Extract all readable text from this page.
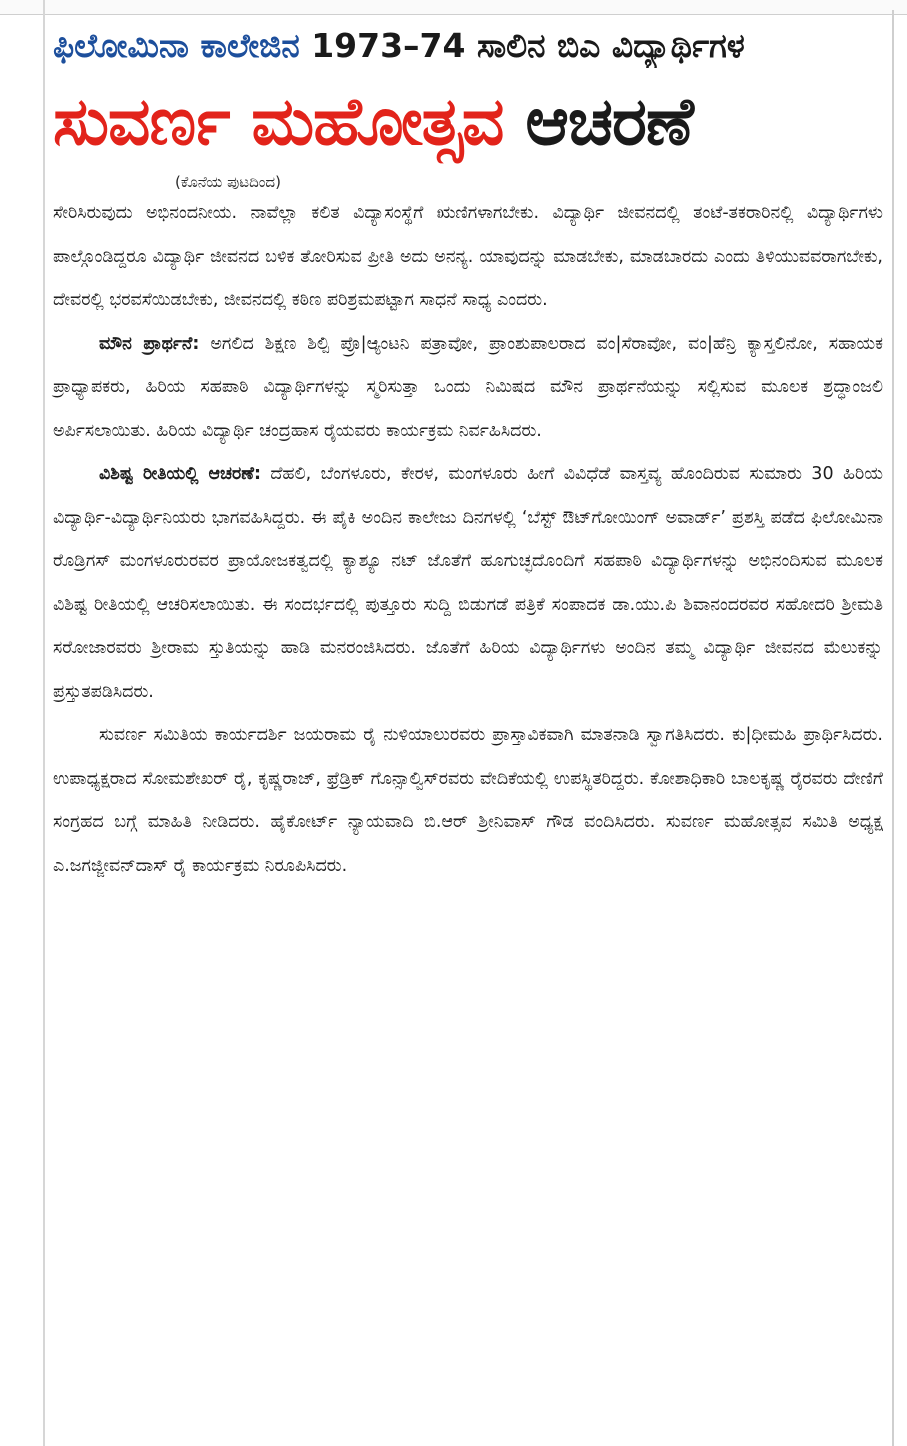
ಫಿಲೋಮಿನಾ ಕಾಲೇಜಿನ 1973–74 ಸಾಲಿನ ಬಿಎ ವಿದ್ಯಾರ್ಥಿಗಳ
ಸುವರ್ಣ ಮಹೋತ್ಸವ ಆಚರಣೆ
(ಕೊನೆಯ ಪುಟದಿಂದ)

ಸೇರಿಸಿರುವುದು ಅಭಿನಂದನೀಯ. ನಾವೆಲ್ಲಾ ಕಲಿತ ವಿದ್ಯಾಸಂಸ್ಥೆಗೆ ಋಣಿಗಳಾಗಬೇಕು. ವಿದ್ಯಾರ್ಥಿ ಜೀವನದಲ್ಲಿ ತಂಟೆ-ತಕರಾರಿನಲ್ಲಿ ವಿದ್ಯಾರ್ಥಿಗಳು ಪಾಲ್ಗೊಂಡಿದ್ದರೂ ವಿದ್ಯಾರ್ಥಿ ಜೀವನದ ಬಳಿಕ ತೋರಿಸುವ ಪ್ರೀತಿ ಅದು ಅನನ್ಯ. ಯಾವುದನ್ನು ಮಾಡಬೇಕು, ಮಾಡಬಾರದು ಎಂದು ತಿಳಿಯುವವರಾಗಬೇಕು, ದೇವರಲ್ಲಿ ಭರವಸೆಯಿಡಬೇಕು, ಜೀವನದಲ್ಲಿ ಕಠಿಣ ಪರಿಶ್ರಮಪಟ್ಟಾಗ ಸಾಧನೆ ಸಾಧ್ಯ ಎಂದರು.

ಮೌನ ಪ್ರಾರ್ಥನೆ: ಅಗಲಿದ ಶಿಕ್ಷಣ ಶಿಲ್ಪಿ ಪ್ರೊ|ಆ್ಯಂಟನಿ ಪತ್ರಾವೋ, ಪ್ರಾಂಶುಪಾಲರಾದ ವಂ|ಸೆರಾವೋ, ವಂ|ಹೆನ್ರಿ ಕ್ಯಾಸ್ತಲಿನೋ, ಸಹಾಯಕ ಪ್ರಾಧ್ಯಾಪಕರು, ಹಿರಿಯ ಸಹಪಾಠಿ ವಿದ್ಯಾರ್ಥಿಗಳನ್ನು ಸ್ಮರಿಸುತ್ತಾ ಒಂದು ನಿಮಿಷದ ಮೌನ ಪ್ರಾರ್ಥನೆಯನ್ನು ಸಲ್ಲಿಸುವ ಮೂಲಕ ಶ್ರದ್ಧಾಂಜಲಿ ಅರ್ಪಿಸಲಾಯಿತು. ಹಿರಿಯ ವಿದ್ಯಾರ್ಥಿ ಚಂದ್ರಹಾಸ ರೈಯವರು ಕಾರ್ಯಕ್ರಮ ನಿರ್ವಹಿಸಿದರು.

ವಿಶಿಷ್ಟ ರೀತಿಯಲ್ಲಿ ಆಚರಣೆ: ದೆಹಲಿ, ಬೆಂಗಳೂರು, ಕೇರಳ, ಮಂಗಳೂರು ಹೀಗೆ ವಿವಿಧೆಡೆ ವಾಸ್ತವ್ಯ ಹೊಂದಿರುವ ಸುಮಾರು 30 ಹಿರಿಯ ವಿದ್ಯಾರ್ಥಿ-ವಿದ್ಯಾರ್ಥಿನಿಯರು ಭಾಗವಹಿಸಿದ್ದರು. ಈ ಪೈಕಿ ಅಂದಿನ ಕಾಲೇಜು ದಿನಗಳಲ್ಲಿ ‘ಬೆಸ್ಟ್ ಔಟ್‌ಗೋಯಿಂಗ್ ಅವಾರ್ಡ್’ ಪ್ರಶಸ್ತಿ ಪಡೆದ ಫಿಲೋಮಿನಾ ರೊಡ್ರಿಗಸ್ ಮಂಗಳೂರುರವರ ಪ್ರಾಯೋಜಕತ್ವದಲ್ಲಿ ಕ್ಯಾಶ್ಯೂ ನಟ್ ಜೊತೆಗೆ ಹೂಗುಚ್ಛದೊಂದಿಗೆ ಸಹಪಾಠಿ ವಿದ್ಯಾರ್ಥಿಗಳನ್ನು ಅಭಿನಂದಿಸುವ ಮೂಲಕ ವಿಶಿಷ್ಟ ರೀತಿಯಲ್ಲಿ ಆಚರಿಸಲಾಯಿತು. ಈ ಸಂದರ್ಭದಲ್ಲಿ ಪುತ್ತೂರು ಸುದ್ದಿ ಬಿಡುಗಡೆ ಪತ್ರಿಕೆ ಸಂಪಾದಕ ಡಾ.ಯು.ಪಿ ಶಿವಾನಂದರವರ ಸಹೋದರಿ ಶ್ರೀಮತಿ ಸರೋಜಾರವರು ಶ್ರೀರಾಮ ಸ್ತುತಿಯನ್ನು ಹಾಡಿ ಮನರಂಜಿಸಿದರು. ಜೊತೆಗೆ ಹಿರಿಯ ವಿದ್ಯಾರ್ಥಿಗಳು ಅಂದಿನ ತಮ್ಮ ವಿದ್ಯಾರ್ಥಿ ಜೀವನದ ಮೆಲುಕನ್ನು ಪ್ರಸ್ತುತಪಡಿಸಿದರು.

ಸುವರ್ಣ ಸಮಿತಿಯ ಕಾರ್ಯದರ್ಶಿ ಜಯರಾಮ ರೈ ನುಳಿಯಾಲುರವರು ಪ್ರಾಸ್ತಾವಿಕವಾಗಿ ಮಾತನಾಡಿ ಸ್ವಾಗತಿಸಿದರು. ಕು|ಧೀಮಹಿ ಪ್ರಾರ್ಥಿಸಿದರು. ಉಪಾಧ್ಯಕ್ಷರಾದ ಸೋಮಶೇಖರ್ ರೈ, ಕೃಷ್ಣರಾಜ್, ಫ್ರೆಡ್ರಿಕ್ ಗೊನ್ಸಾಲ್ವಿಸ್‌ರವರು ವೇದಿಕೆಯಲ್ಲಿ ಉಪಸ್ಥಿತರಿದ್ದರು. ಕೋಶಾಧಿಕಾರಿ ಬಾಲಕೃಷ್ಣ ರೈರವರು ದೇಣಿಗೆ ಸಂಗ್ರಹದ ಬಗ್ಗೆ ಮಾಹಿತಿ ನೀಡಿದರು. ಹೈಕೋರ್ಟ್ ನ್ಯಾಯವಾದಿ ಬಿ.ಆರ್ ಶ್ರೀನಿವಾಸ್ ಗೌಡ ವಂದಿಸಿದರು. ಸುವರ್ಣ ಮಹೋತ್ಸವ ಸಮಿತಿ ಅಧ್ಯಕ್ಷ ಎ.ಜಗಜ್ಜೀವನ್‌ದಾಸ್ ರೈ ಕಾರ್ಯಕ್ರಮ ನಿರೂಪಿಸಿದರು.
